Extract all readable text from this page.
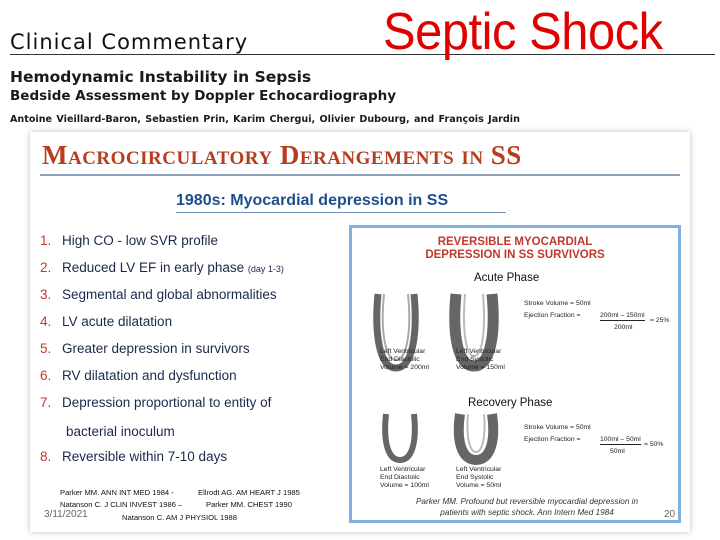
Clinical Commentary	Septic Shock
Hemodynamic Instability in Sepsis
Bedside Assessment by Doppler Echocardiography
Antoine Vieillard-Baron, Sebastien Prin, Karim Chergui, Olivier Dubourg, and François Jardin
Macrocirculatory Derangements in SS
1980s: Myocardial depression in SS
1. High CO - low SVR profile
2. Reduced LV EF in early phase
(day 1-3)
3. Segmental and global abnormalities
4. LV acute dilatation
5. Greater depression in survivors
6. RV dilatation and dysfunction
7. Depression proportional to entity of
bacterial inoculum
8. Reversible within 7-10 days
Parker MM. ANN INT MED 1984 -	Ellrodt AG. AM HEART J 1985
Natanson C. J CLIN INVEST 1986 –	Parker MM. CHEST 1990
Natanson C. AM J PHYSIOL 1988
REVERSIBLE MYOCARDIAL
DEPRESSION IN SS SURVIVORS
Acute Phase
Left Ventricular
End Diastolic
Volume = 200ml
Left Ventricular
End Systolic
Volume = 150ml
Stroke Volume = 50ml
Ejection Fraction =	200ml – 150ml
200ml
= 25%
Recovery Phase
Left Ventricular
End Diastolic
Volume = 100ml
Left Ventricular
End Systolic
Volume = 50ml
Stroke Volume = 50ml
Ejection Fraction =	100ml – 50ml
50ml
= 50%
Parker MM. Profound but reversible myocardial depression in
patients with septic shock. Ann Intern Med 1984
3/11/2021	20
